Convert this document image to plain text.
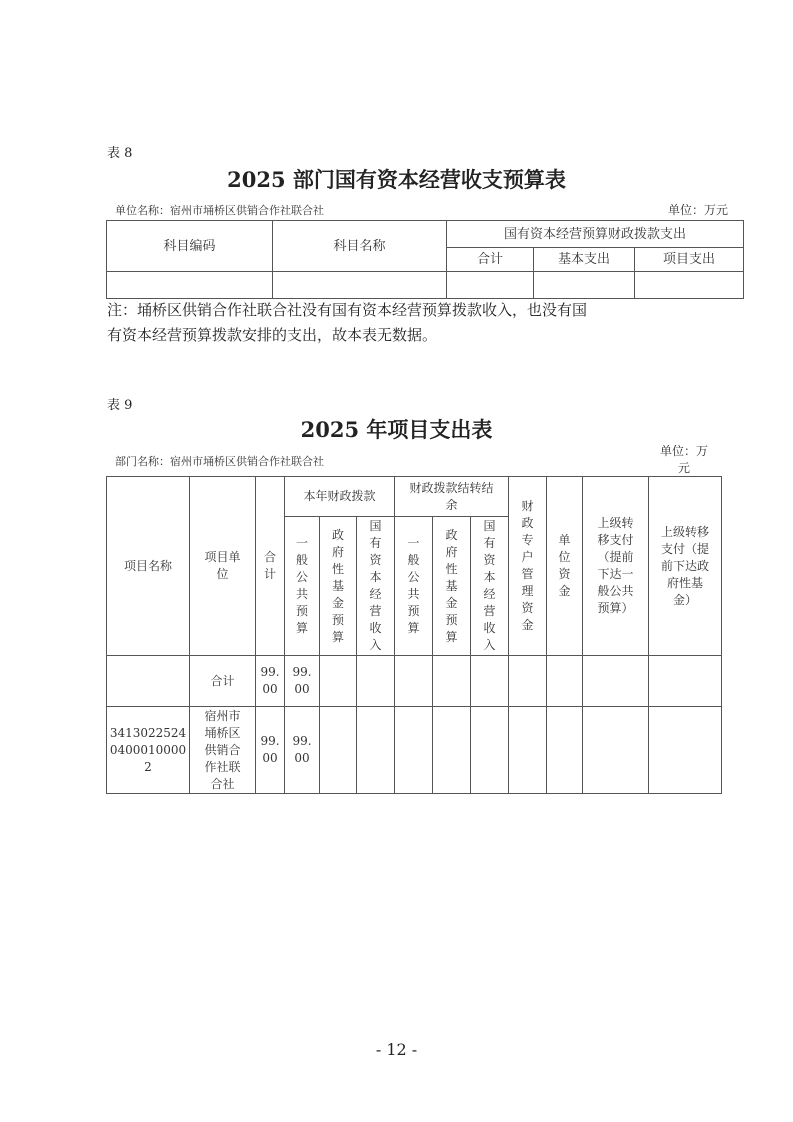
表 8
2025 部门国有资本经营收支预算表
单位名称：宿州市埇桥区供销合作社联合社	单位：万元
科目编码	科目名称	国有资本经营预算财政拨款支出		
		合计	基本支出	项目支出

注：埇桥区供销合作社联合社没有国有资本经营预算拨款收入，也没有国
有资本经营预算拨款安排的支出，故本表无数据。
表 9
2025 年项目支出表
部门名称：宿州市埇桥区供销合作社联合社
单位：万
元
项目名称	项目单位	合计	本年财政拨款			财政拨款结转结余			财政专户管理资金	单位资金	上级转移支付（提前下达一般公共预算）	上级转移支付（提前下达政府性基金）
			一般公共预算	政府性基金预算	国有资本经营收入	一般公共预算	政府性基金预算	国有资本经营收入				
	合计	99.00	99.00									
34130225240400010000 2	宿州市埇桥区供销合作社联合社	99.00	99.00									
- 12 -
